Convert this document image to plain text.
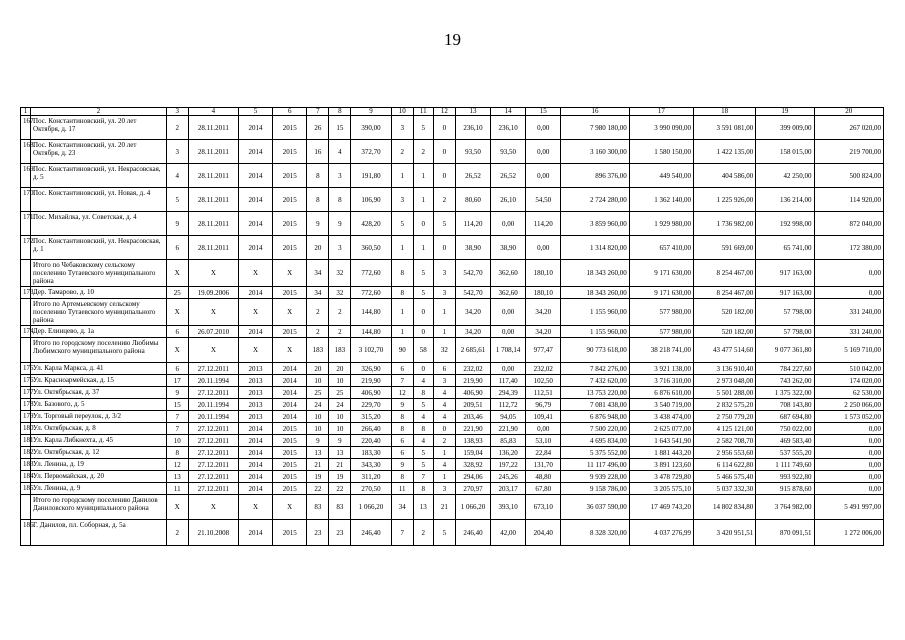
19
1	2	3	4	5	6	7	8	9	10	11	12	13	14	15	16	17	18	19	20
167.	Пос. Константиновский, ул. 20 лет Октября, д. 17	2	28.11.2011	2014	2015	26	15	390,00	3	5	0	236,10	236,10	0,00	7 980 180,00	3 990 090,00	3 591 081,00	399 009,00	267 020,00
168.	Пос. Константиновский, ул. 20 лет Октября, д. 23	3	28.11.2011	2014	2015	16	4	372,70	2	2	0	93,50	93,50	0,00	3 160 300,00	1 580 150,00	1 422 135,00	158 015,00	219 700,00
169.	Пос. Константиновский, ул. Некрасовская, д. 5	4	28.11.2011	2014	2015	8	3	191,80	1	1	0	26,52	26,52	0,00	896 376,00	449 540,00	404 586,00	42 250,00	500 824,00
170.	Пос. Константиновский, ул. Новая, д. 4	5	28.11.2011	2014	2015	8	8	106,90	3	1	2	80,60	26,10	54,50	2 724 280,00	1 362 140,00	1 225 926,00	136 214,00	114 920,00
171.	Пос. Михайлка, ул. Советская, д. 4	9	28.11.2011	2014	2015	9	9	428,20	5	0	5	114,20	0,00	114,20	3 859 960,00	1 929 980,00	1 736 982,00	192 998,00	872 040,00
172.	Пос. Константиновский, ул. Некрасовская, д. 1	6	28.11.2011	2014	2015	20	3	360,50	1	1	0	38,90	38,90	0,00	1 314 820,00	657 410,00	591 669,00	65 741,00	172 380,00
	Итого по Чебаковскому сельскому поселению Тутаевского муниципального района	X	X	X	X	34	32	772,60	8	5	3	542,70	362,60	180,10	18 343 260,00	9 171 630,00	8 254 467,00	917 163,00	0,00
173.	Дер. Тамарово, д. 10	25	19.09.2006	2014	2015	34	32	772,60	8	5	3	542,70	362,60	180,10	18 343 260,00	9 171 630,00	8 254 467,00	917 163,00	0,00
	Итого по Артемьевскому сельскому поселению Тутаевского муниципального района	X	X	X	X	2	2	144,80	1	0	1	34,20	0,00	34,20	1 155 960,00	577 980,00	520 182,00	57 798,00	331 240,00
174.	Дер. Елинцево, д. 1а	6	26.07.2010	2014	2015	2	2	144,80	1	0	1	34,20	0,00	34,20	1 155 960,00	577 980,00	520 182,00	57 798,00	331 240,00
	Итого по городскому поселению Любимы Любимского муниципального района	X	X	X	X	183	183	3 102,70	90	58	32	2 685,61	1 708,14	977,47	90 773 618,00	38 218 741,00	43 477 514,60	9 077 361,80	5 169 710,00
175.	Ул. Карла Маркса, д. 41	6	27.12.2011	2013	2014	20	20	326,90	6	0	6	232,02	0,00	232,02	7 842 276,00	3 921 138,00	3 136 910,40	784 227,60	510 042,00
176.	Ул. Красноармейская, д. 15	17	20.11.1994	2013	2014	10	10	219,90	7	4	3	219,90	117,40	102,50	7 432 620,00	3 716 310,00	2 973 048,00	743 262,00	174 020,00
177.	Ул. Октябрьская, д. 37	9	27.12.2011	2013	2014	25	25	406,90	12	8	4	406,90	294,39	112,51	13 753 220,00	6 876 610,00	5 501 288,00	1 375 322,00	62 530,00
178.	Ул. Базового, д. 5	15	20.11.1994	2013	2014	24	24	229,70	9	5	4	209,51	112,72	96,79	7 081 438,00	3 540 719,00	2 832 575,20	708 143,80	2 250 066,00
179.	Ул. Торговый переулок, д. 3/2	7	20.11.1994	2013	2014	10	10	315,20	8	4	4	203,46	94,05	109,41	6 876 948,00	3 438 474,00	2 750 779,20	687 694,80	1 573 052,00
180.	Ул. Октябрьская, д. 8	7	27.12.2011	2014	2015	10	10	266,40	8	8	0	221,90	221,90	0,00	7 500 220,00	2 625 077,00	4 125 121,00	750 022,00	0,00
181.	Ул. Карла Либкнехта, д. 45	10	27.12.2011	2014	2015	9	9	220,40	6	4	2	138,93	85,83	53,10	4 695 834,00	1 643 541,90	2 582 708,70	469 583,40	0,00
182.	Ул. Октябрьская, д. 12	8	27.12.2011	2014	2015	13	13	183,30	6	5	1	159,04	136,20	22,84	5 375 552,00	1 881 443,20	2 956 553,60	537 555,20	0,00
183.	Ул. Ленина, д. 19	12	27.12.2011	2014	2015	21	21	343,30	9	5	4	328,92	197,22	131,70	11 117 496,00	3 891 123,60	6 114 622,80	1 111 749,60	0,00
184.	Ул. Первомайская, д. 20	13	27.12.2011	2014	2015	19	19	311,20	8	7	1	294,06	245,26	48,80	9 939 228,00	3 478 729,80	5 466 575,40	993 922,80	0,00
185.	Ул. Ленина, д. 9	11	27.12.2011	2014	2015	22	22	270,50	11	8	3	270,97	203,17	67,80	9 158 786,00	3 205 575,10	5 037 332,30	915 878,60	0,00
	Итого по городскому поселению Данилов Даниловского муниципального района	X	X	X	X	83	83	1 066,20	34	13	21	1 066,20	393,10	673,10	36 037 590,00	17 469 743,20	14 802 834,80	3 764 982,00	5 491 997,00
186.	Г. Данилов, пл. Соборная, д. 5а	2	21.10.2008	2014	2015	23	23	246,40	7	2	5	246,40	42,00	204,40	8 328 320,00	4 037 276,99	3 420 951,51	870 091,51	1 272 006,00
